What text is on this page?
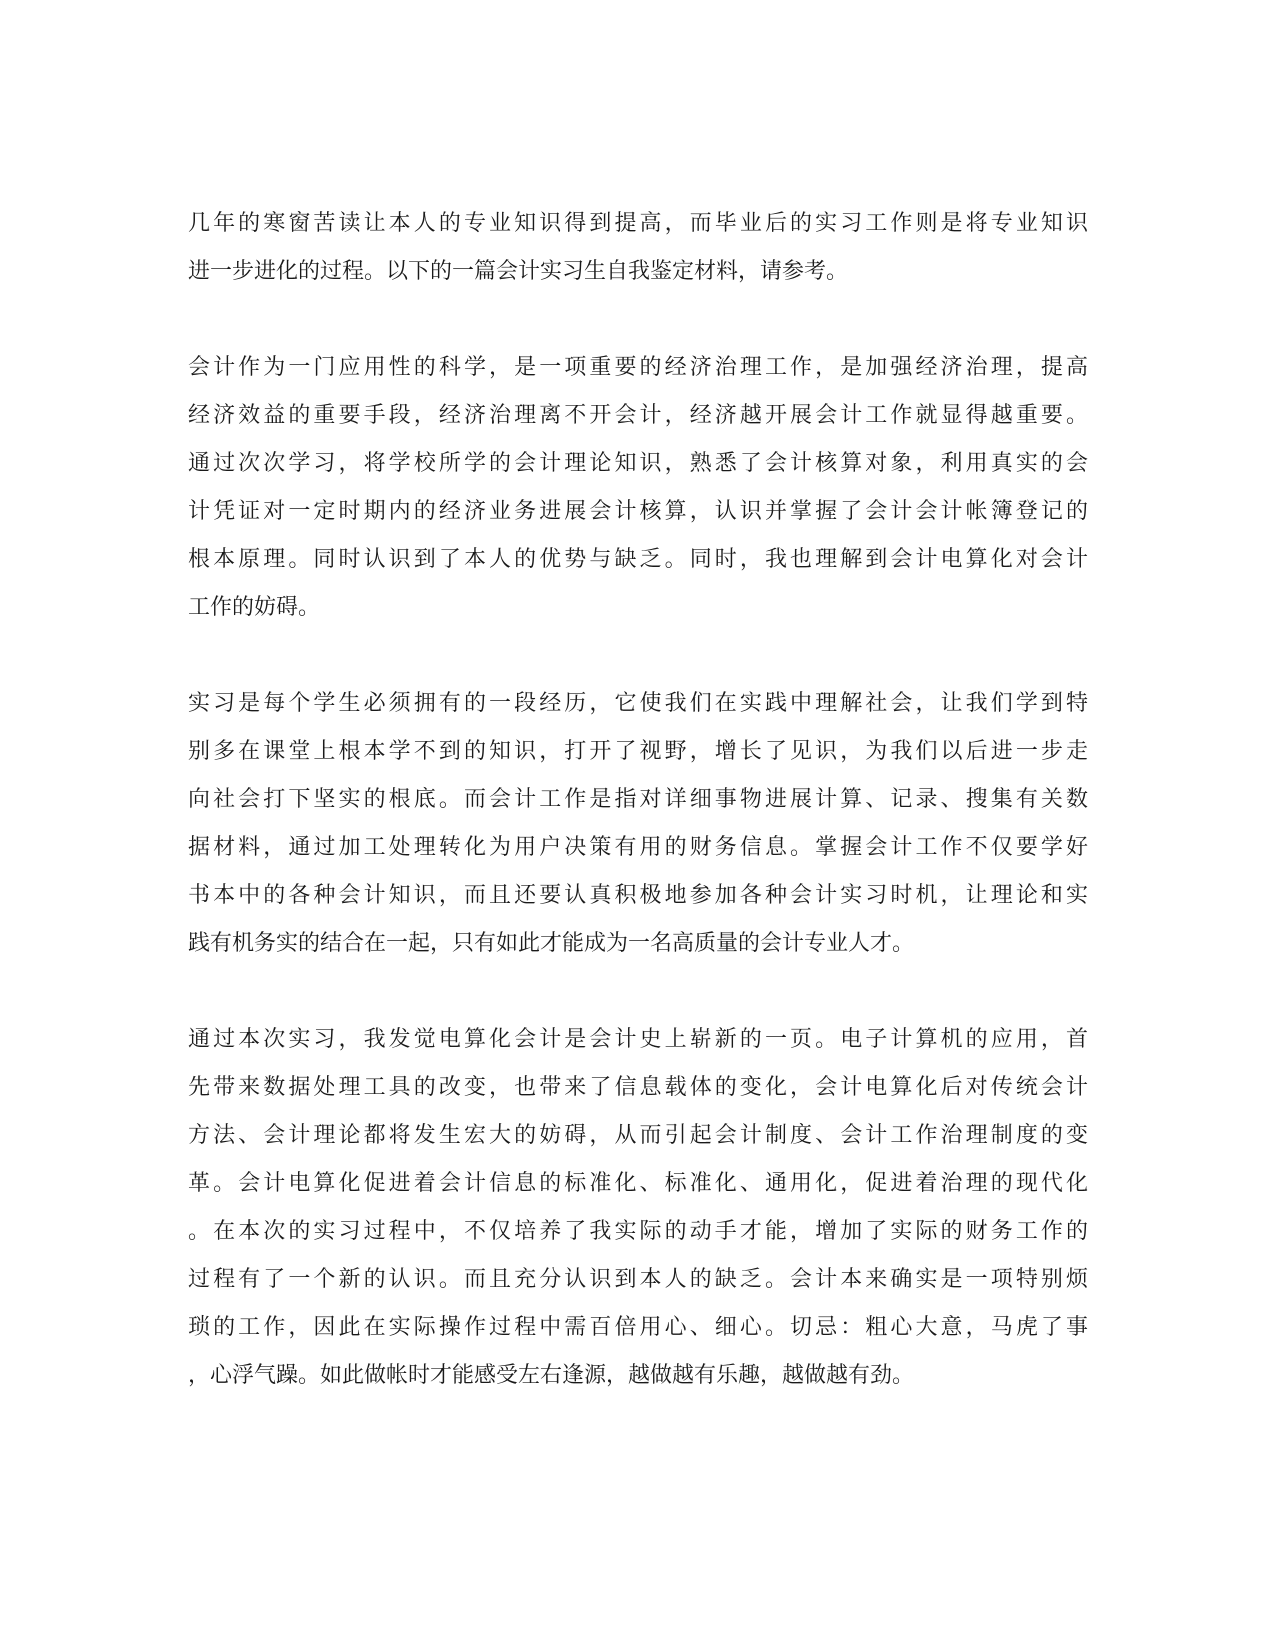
几年的寒窗苦读让本人的专业知识得到提高，而毕业后的实习工作则是将专业知识
进一步进化的过程。以下的一篇会计实习生自我鉴定材料，请参考。
会计作为一门应用性的科学，是一项重要的经济治理工作，是加强经济治理，提高
经济效益的重要手段，经济治理离不开会计，经济越开展会计工作就显得越重要。
通过次次学习，将学校所学的会计理论知识，熟悉了会计核算对象，利用真实的会
计凭证对一定时期内的经济业务进展会计核算，认识并掌握了会计会计帐簿登记的
根本原理。同时认识到了本人的优势与缺乏。同时，我也理解到会计电算化对会计
工作的妨碍。
实习是每个学生必须拥有的一段经历，它使我们在实践中理解社会，让我们学到特
别多在课堂上根本学不到的知识，打开了视野，增长了见识，为我们以后进一步走
向社会打下坚实的根底。而会计工作是指对详细事物进展计算、记录、搜集有关数
据材料，通过加工处理转化为用户决策有用的财务信息。掌握会计工作不仅要学好
书本中的各种会计知识，而且还要认真积极地参加各种会计实习时机，让理论和实
践有机务实的结合在一起，只有如此才能成为一名高质量的会计专业人才。
通过本次实习，我发觉电算化会计是会计史上崭新的一页。电子计算机的应用，首
先带来数据处理工具的改变，也带来了信息载体的变化，会计电算化后对传统会计
方法、会计理论都将发生宏大的妨碍，从而引起会计制度、会计工作治理制度的变
革。会计电算化促进着会计信息的标准化、标准化、通用化，促进着治理的现代化
。在本次的实习过程中，不仅培养了我实际的动手才能，增加了实际的财务工作的
过程有了一个新的认识。而且充分认识到本人的缺乏。会计本来确实是一项特别烦
琐的工作，因此在实际操作过程中需百倍用心、细心。切忌：粗心大意，马虎了事
，心浮气躁。如此做帐时才能感受左右逢源，越做越有乐趣，越做越有劲。
